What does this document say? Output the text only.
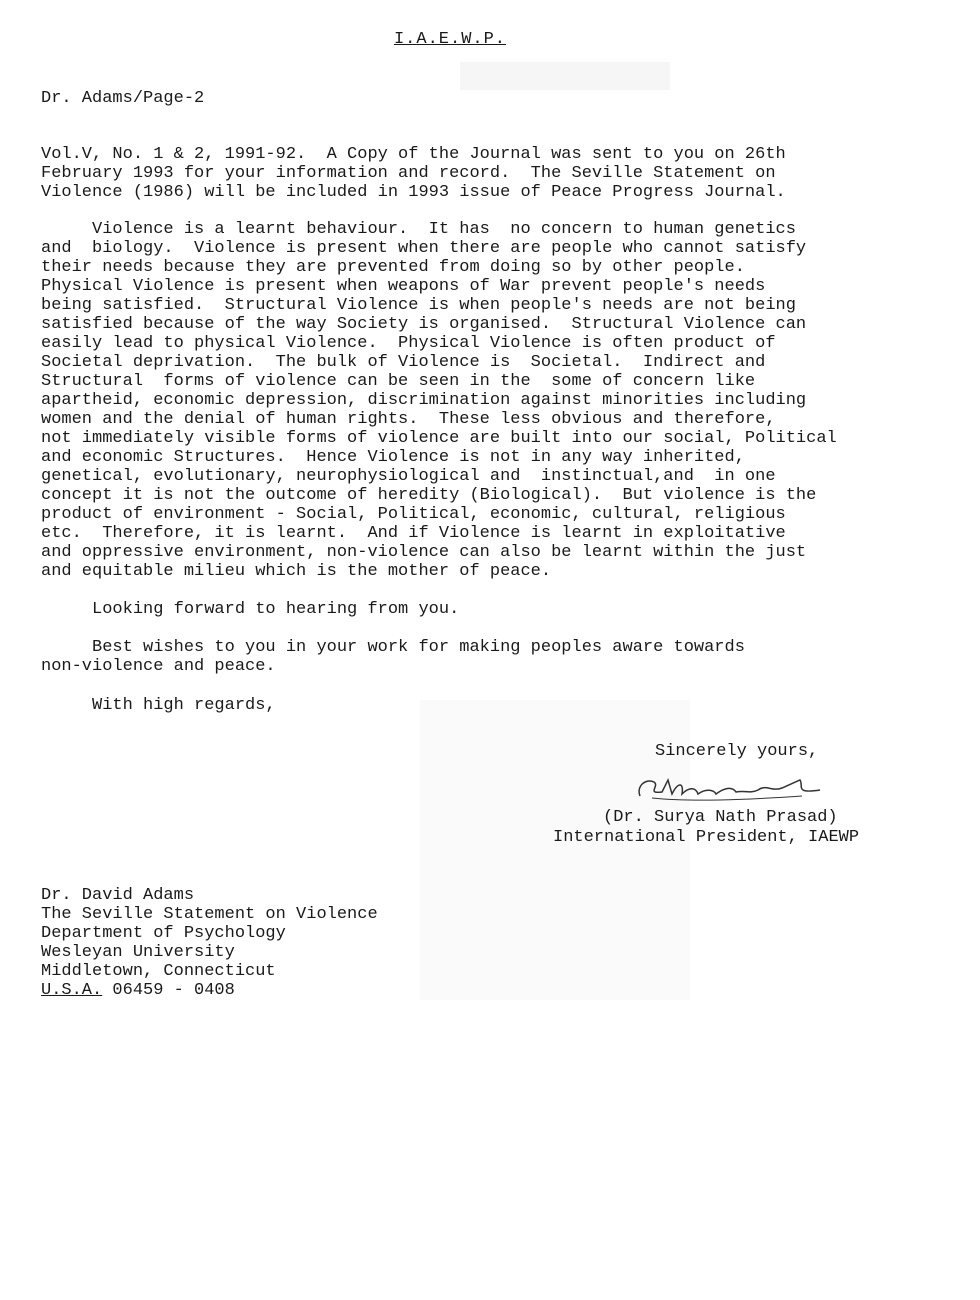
I.A.E.W.P.
Dr. Adams/Page-2

Vol.V, No. 1 & 2, 1991-92.  A Copy of the Journal was sent to you on 26th

February 1993 for your information and record.  The Seville Statement on

Violence (1986) will be included in 1993 issue of Peace Progress Journal.

Violence is a learnt behaviour.  It has  no concern to human genetics

and  biology.  Violence is present when there are people who cannot satisfy

their needs because they are prevented from doing so by other people.

Physical Violence is present when weapons of War prevent people's needs

being satisfied.  Structural Violence is when people's needs are not being

satisfied because of the way Society is organised.  Structural Violence can

easily lead to physical Violence.  Physical Violence is often product of

Societal deprivation.  The bulk of Violence is  Societal.  Indirect and

Structural  forms of violence can be seen in the  some of concern like

apartheid, economic depression, discrimination against minorities including

women and the denial of human rights.  These less obvious and therefore,

not immediately visible forms of violence are built into our social, Political

and economic Structures.  Hence Violence is not in any way inherited,

genetical, evolutionary, neurophysiological and  instinctual,and  in one

concept it is not the outcome of heredity (Biological).  But violence is the

product of environment - Social, Political, economic, cultural, religious

etc.  Therefore, it is learnt.  And if Violence is learnt in exploitative

and oppressive environment, non-violence can also be learnt within the just

and equitable milieu which is the mother of peace.

Looking forward to hearing from you.

Best wishes to you in your work for making peoples aware towards

non-violence and peace.

With high regards,
Sincerely yours,
(Dr. Surya Nath Prasad)
International President, IAEWP

Dr. David Adams

The Seville Statement on Violence

Department of Psychology

Wesleyan University

Middletown, Connecticut

U.S.A. 06459 - 0408
